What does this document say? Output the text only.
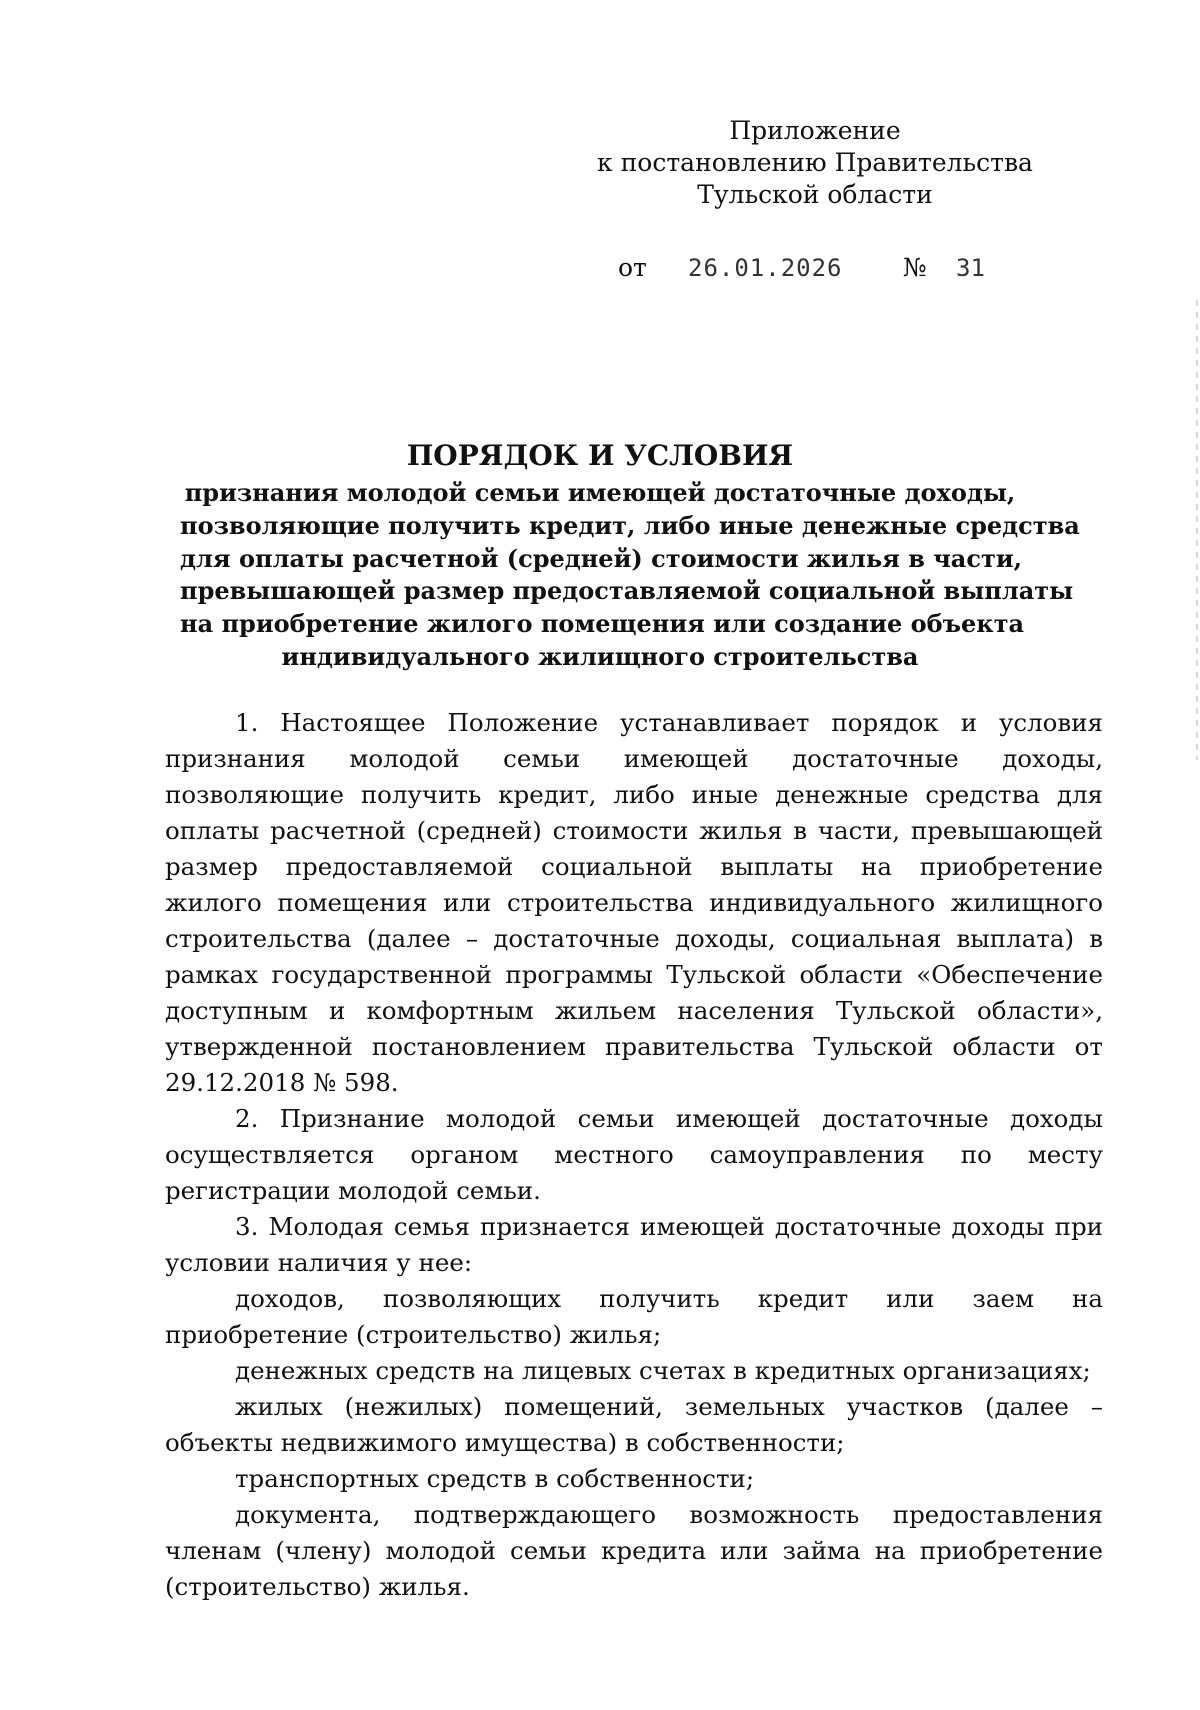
Приложение
к постановлению Правительства
Тульской области
от 26.01.2026 № 31
ПОРЯДОК И УСЛОВИЯ
признания молодой семьи имеющей достаточные доходы,
позволяющие получить кредит, либо иные денежные средства
для оплаты расчетной (средней) стоимости жилья в части,
превышающей размер предоставляемой социальной выплаты
на приобретение жилого помещения или создание объекта
индивидуального жилищного строительства

1. Настоящее Положение устанавливает порядок и условия признания молодой семьи имеющей достаточные доходы, позволяющие получить кредит, либо иные денежные средства для оплаты расчетной (средней) стоимости жилья в части, превышающей размер предоставляемой социальной выплаты на приобретение жилого помещения или строительства индивидуального жилищного строительства (далее – достаточные доходы, социальная выплата) в рамках государственной программы Тульской области «Обеспечение доступным и комфортным жильем населения Тульской области», утвержденной постановлением правительства Тульской области от 29.12.2018 № 598.

2. Признание молодой семьи имеющей достаточные доходы осуществляется органом местного самоуправления по месту регистрации молодой семьи.

3. Молодая семья признается имеющей достаточные доходы при условии наличия у нее:

доходов, позволяющих получить кредит или заем на приобретение (строительство) жилья;

денежных средств на лицевых счетах в кредитных организациях;

жилых (нежилых) помещений, земельных участков (далее – объекты недвижимого имущества) в собственности;

транспортных средств в собственности;

документа, подтверждающего возможность предоставления членам (члену) молодой семьи кредита или займа на приобретение (строительство) жилья.
